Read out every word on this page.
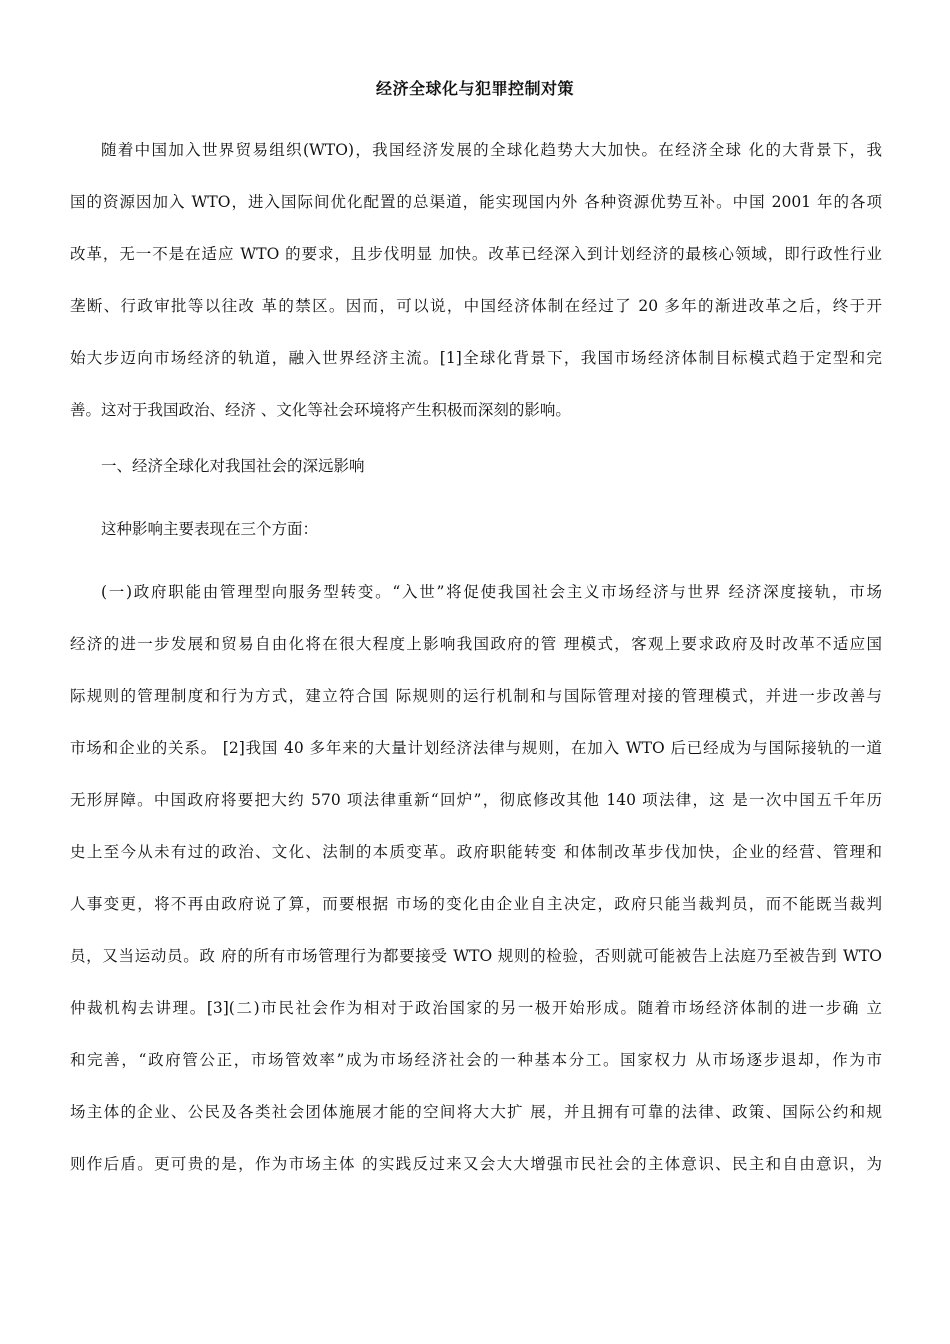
经济全球化与犯罪控制对策
随着中国加入世界贸易组织(WTO)，我国经济发展的全球化趋势大大加快。在经济全球 化的大背景下，我
国的资源因加入 WTO，进入国际间优化配置的总渠道，能实现国内外 各种资源优势互补。中国 2001 年的各项
改革，无一不是在适应 WTO 的要求，且步伐明显 加快。改革已经深入到计划经济的最核心领域，即行政性行业
垄断、行政审批等以往改 革的禁区。因而，可以说，中国经济体制在经过了 20 多年的渐进改革之后，终于开
始大步迈向市场经济的轨道，融入世界经济主流。[1]全球化背景下，我国市场经济体制目标模式趋于定型和完
善。这对于我国政治、经济 、文化等社会环境将产生积极而深刻的影响。

一、经济全球化对我国社会的深远影响

这种影响主要表现在三个方面：

(一)政府职能由管理型向服务型转变。“入世”将促使我国社会主义市场经济与世界 经济深度接轨，市场
经济的进一步发展和贸易自由化将在很大程度上影响我国政府的管 理模式，客观上要求政府及时改革不适应国
际规则的管理制度和行为方式，建立符合国 际规则的运行机制和与国际管理对接的管理模式，并进一步改善与
市场和企业的关系。 [2]我国 40 多年来的大量计划经济法律与规则，在加入 WTO 后已经成为与国际接轨的一道
无形屏障。中国政府将要把大约 570 项法律重新“回炉”，彻底修改其他 140 项法律，这 是一次中国五千年历
史上至今从未有过的政治、文化、法制的本质变革。政府职能转变 和体制改革步伐加快，企业的经营、管理和
人事变更，将不再由政府说了算，而要根据 市场的变化由企业自主决定，政府只能当裁判员，而不能既当裁判
员，又当运动员。政 府的所有市场管理行为都要接受 WTO 规则的检验，否则就可能被告上法庭乃至被告到 WTO
仲裁机构去讲理。[3](二)市民社会作为相对于政治国家的另一极开始形成。随着市场经济体制的进一步确 立
和完善，“政府管公正，市场管效率”成为市场经济社会的一种基本分工。国家权力 从市场逐步退却，作为市
场主体的企业、公民及各类社会团体施展才能的空间将大大扩 展，并且拥有可靠的法律、政策、国际公约和规
则作后盾。更可贵的是，作为市场主体 的实践反过来又会大大增强市民社会的主体意识、民主和自由意识，为
